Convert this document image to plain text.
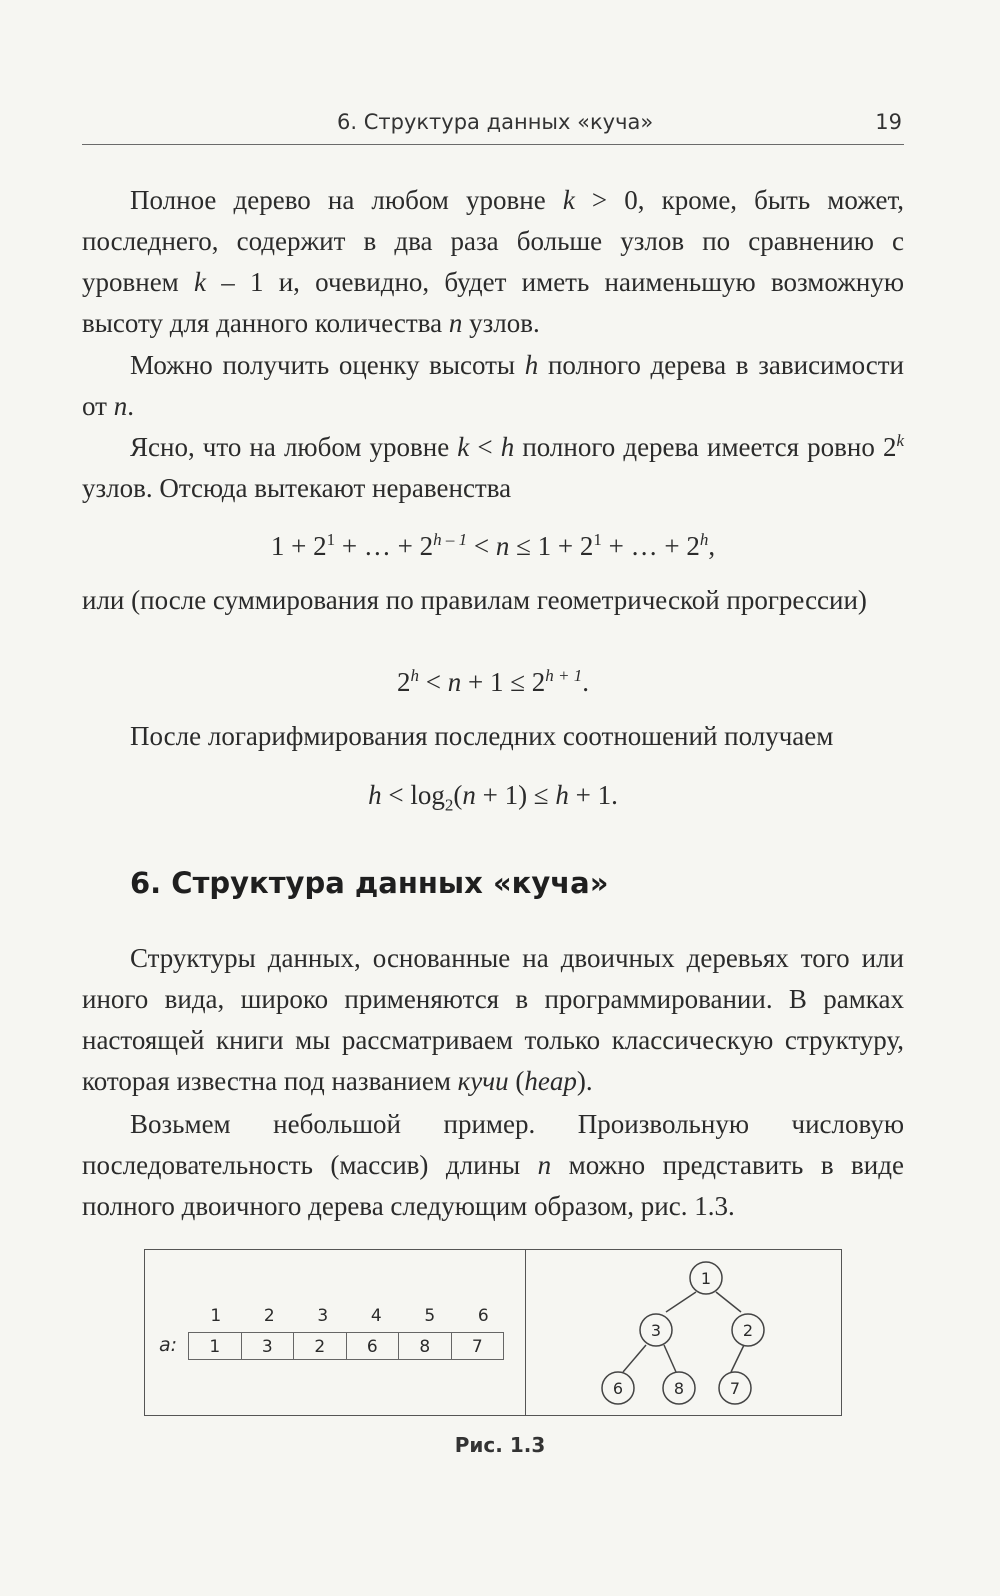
6. Структура данных «куча»	19
Полное дерево на любом уровне k > 0, кроме, быть может, последнего, содержит в два раза больше узлов по сравнению с уровнем k – 1 и, очевидно, будет иметь наименьшую возможную высоту для данного количества n узлов.
Можно получить оценку высоты h полного дерева в зависимости от n.
Ясно, что на любом уровне k < h полного дерева имеется ровно 2$^k$ узлов. Отсюда вытекают неравенства
$1 + 2^1$ + … + $2^{h - 1} < n \le 1 + 2^1$ + … + $2^h$,
или (после суммирования по правилам геометрической прогрессии)
$2^h < n + 1 \le 2^{h + 1}$.
После логарифмирования последних соотношений получаем
$h < \log_2(n + 1) \le h + 1$.
6. Структура данных «куча»
Структуры данных, основанные на двоичных деревьях того или иного вида, широко применяются в программировании. В рамках настоящей книги мы рассматриваем только классическую структуру, которая известна под названием кучи (heap).
Возьмем небольшой пример. Произвольную числовую последовательность (массив) длины n можно представить в виде полного двоичного дерева следующим образом, рис. 1.3.
a:
1	2	3	4	5	6
1	3	2	6	8	7
1
3	2
6	8	7
Рис. 1.3
